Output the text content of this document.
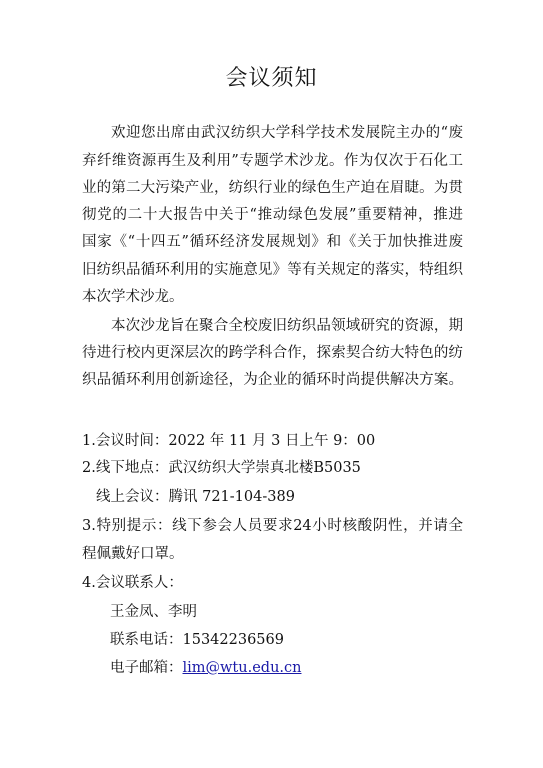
会议须知
欢迎您出席由武汉纺织大学科学技术发展院主办的“废
弃纤维资源再生及利用”专题学术沙龙。作为仅次于石化工
业的第二大污染产业，纺织行业的绿色生产迫在眉睫。为贯
彻党的二十大报告中关于“推动绿色发展”重要精神，推进
国家《“十四五”循环经济发展规划》和《关于加快推进废
旧纺织品循环利用的实施意见》等有关规定的落实，特组织
本次学术沙龙。
本次沙龙旨在聚合全校废旧纺织品领域研究的资源，期
待进行校内更深层次的跨学科合作，探索契合纺大特色的纺
织品循环利用创新途径，为企业的循环时尚提供解决方案。
1.会议时间：2022 年 11 月 3 日上午 9：00
2.线下地点：武汉纺织大学崇真北楼B5035
线上会议：腾讯 721-104-389
3.特别提示：线下参会人员要求24小时核酸阴性，并请全
程佩戴好口罩。
4.会议联系人：
王金凤、李明
联系电话：15342236569
电子邮箱：lim@wtu.edu.cn
